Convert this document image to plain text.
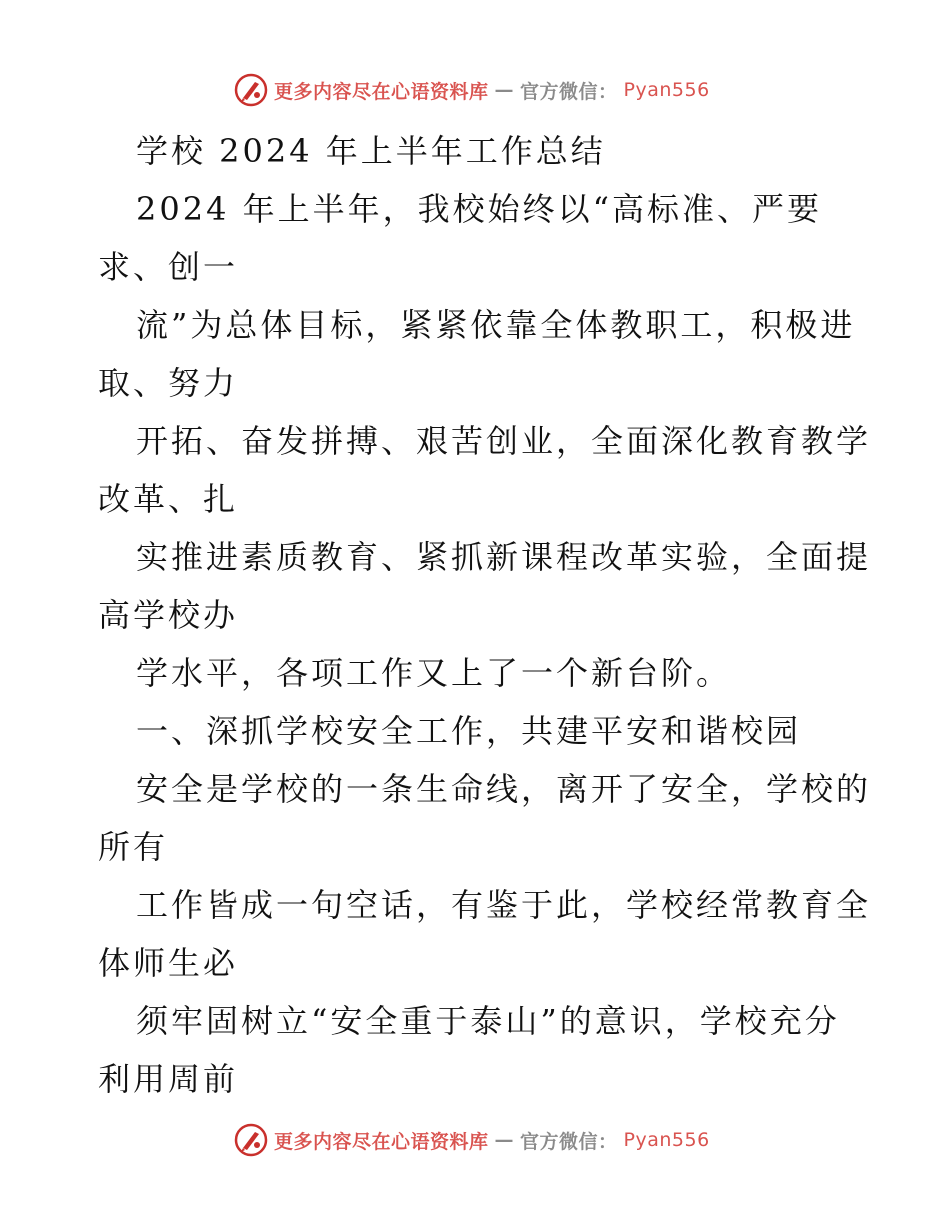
更多内容尽在心语资料库 — 官方微信： Pyan556
学校 2024 年上半年工作总结
2024 年上半年，我校始终以“高标准、严要
求、创一
流”为总体目标，紧紧依靠全体教职工，积极进
取、努力
开拓、奋发拼搏、艰苦创业，全面深化教育教学
改革、扎
实推进素质教育、紧抓新课程改革实验，全面提
高学校办
学水平，各项工作又上了一个新台阶。
一、深抓学校安全工作，共建平安和谐校园
安全是学校的一条生命线，离开了安全，学校的
所有
工作皆成一句空话，有鉴于此，学校经常教育全
体师生必
须牢固树立“安全重于泰山”的意识，学校充分
利用周前
更多内容尽在心语资料库 — 官方微信： Pyan556
